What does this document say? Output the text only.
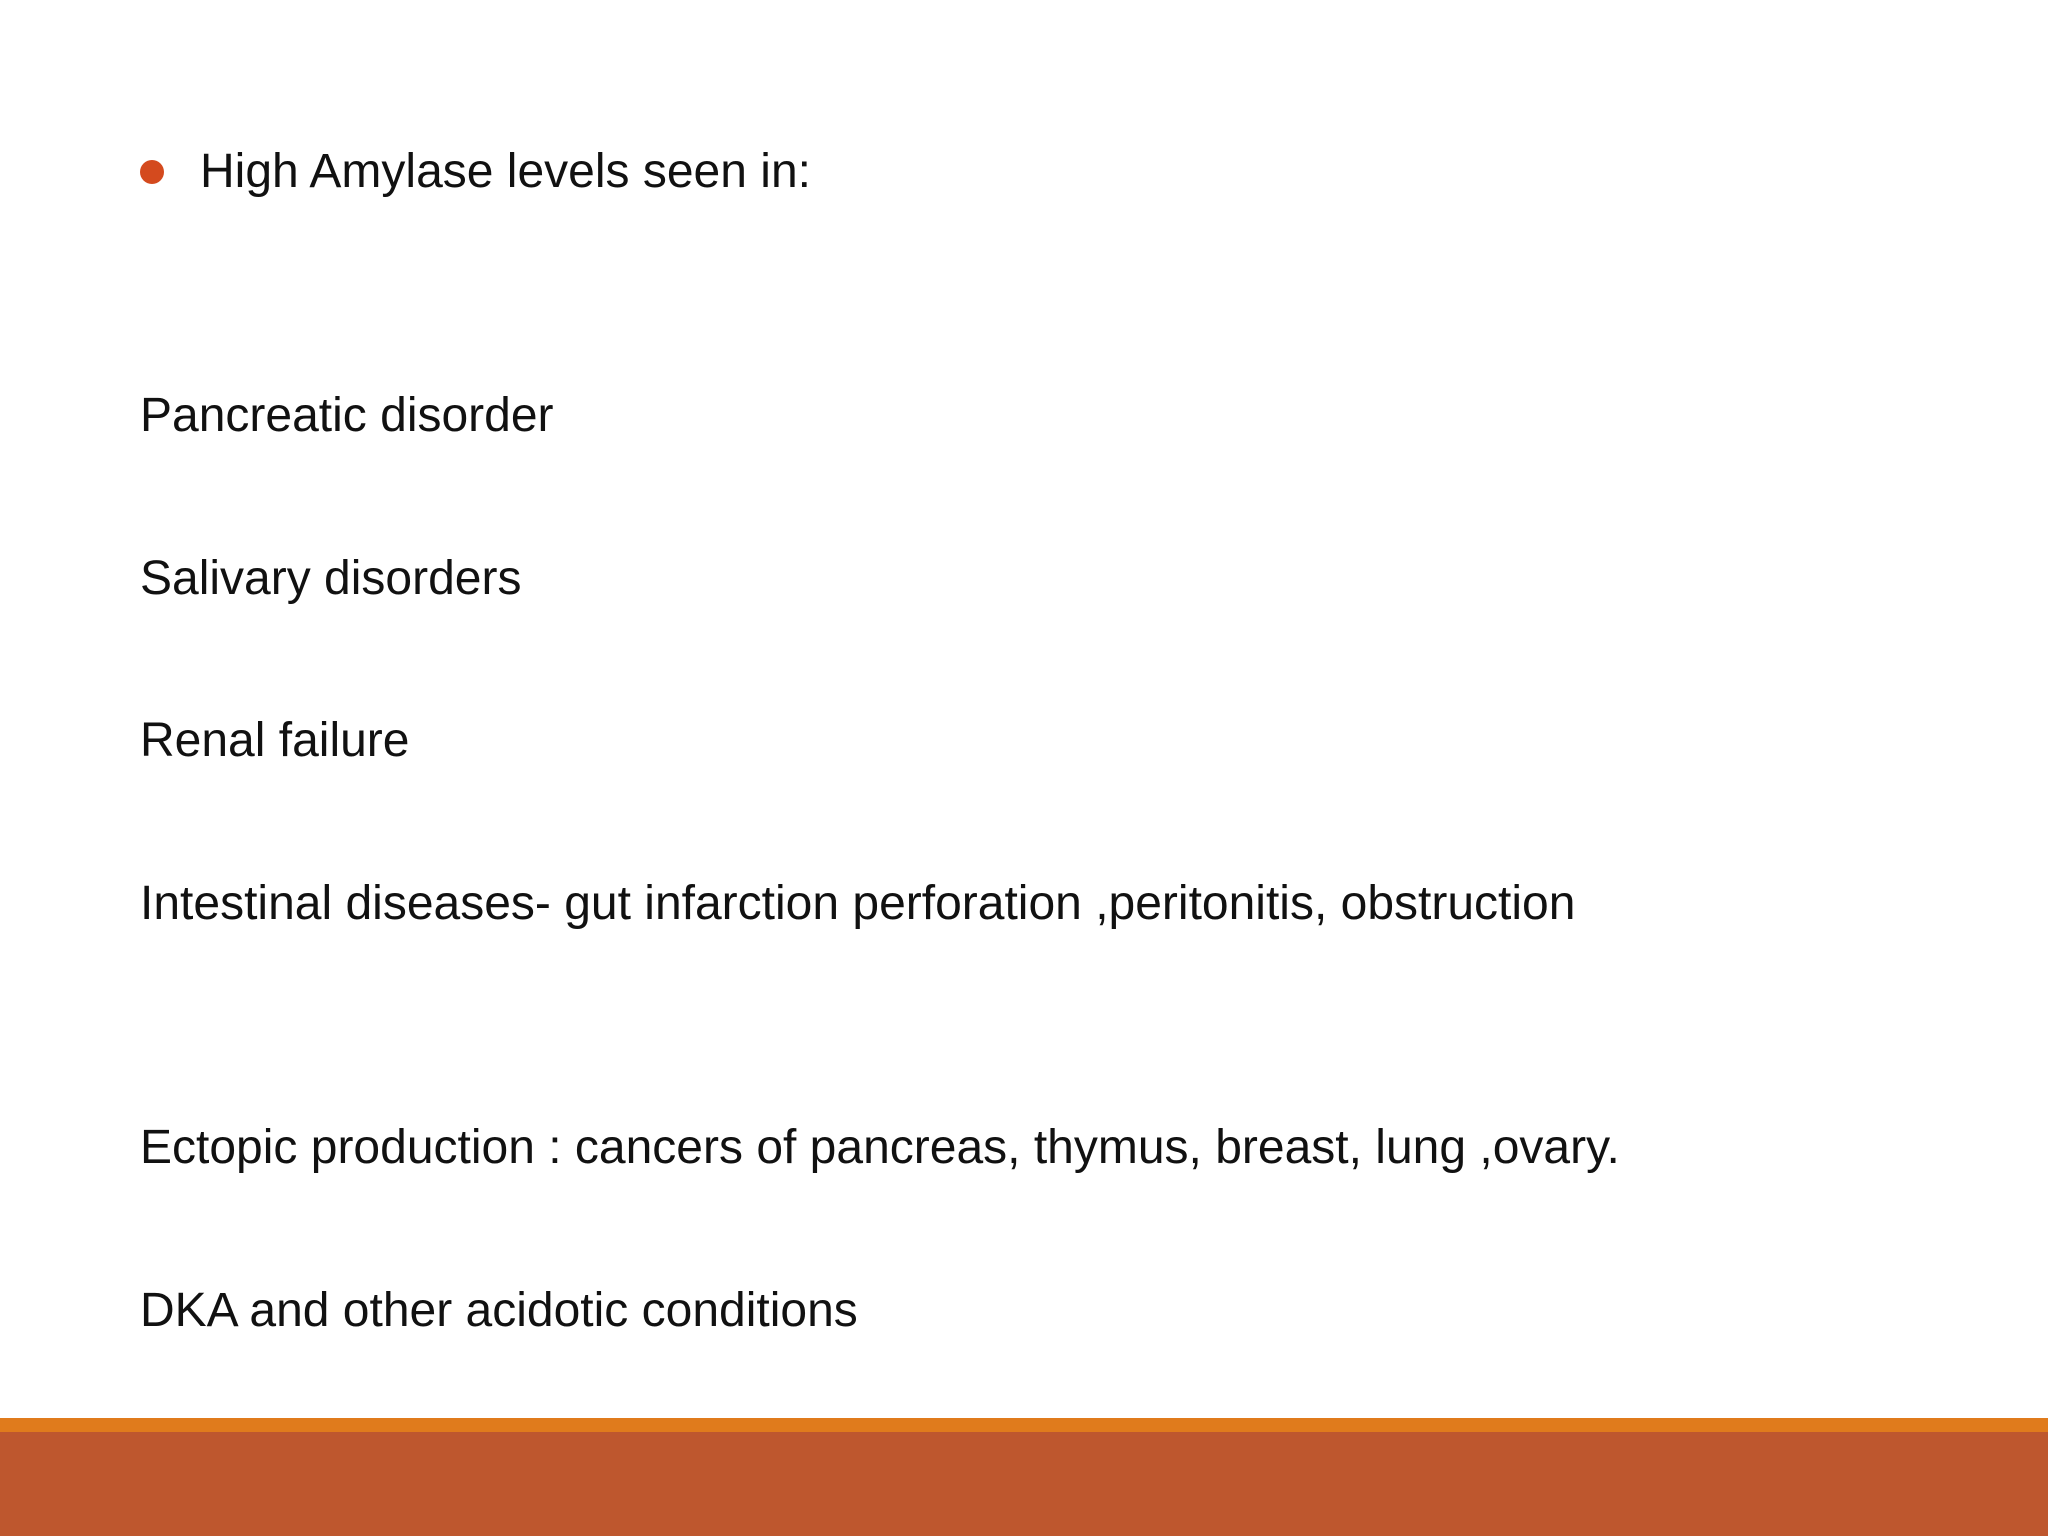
High Amylase levels seen in:
Pancreatic disorder
Salivary disorders
Renal failure
Intestinal diseases- gut infarction perforation ,peritonitis, obstruction
Ectopic production : cancers of pancreas, thymus, breast, lung ,ovary.
DKA and other acidotic conditions
